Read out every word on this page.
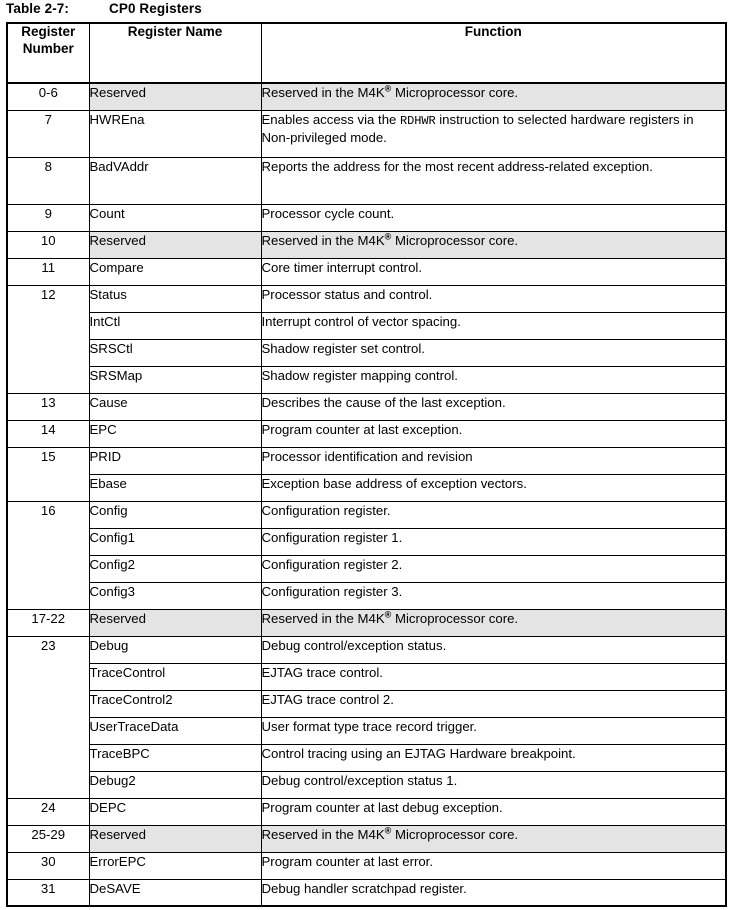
Table 2-7:	CP0 Registers
Register
Number	Register Name	Function
0-6	Reserved	Reserved in the M4K® Microprocessor core.
7	HWREna	Enables access via the RDHWR instruction to selected hardware registers in Non-privileged mode.
8	BadVAddr	Reports the address for the most recent address-related exception.
9	Count	Processor cycle count.
10	Reserved	Reserved in the M4K® Microprocessor core.
11	Compare	Core timer interrupt control.
12	Status	Processor status and control.
	IntCtl	Interrupt control of vector spacing.
	SRSCtl	Shadow register set control.
	SRSMap	Shadow register mapping control.
13	Cause	Describes the cause of the last exception.
14	EPC	Program counter at last exception.
15	PRID	Processor identification and revision
	Ebase	Exception base address of exception vectors.
16	Config	Configuration register.
	Config1	Configuration register 1.
	Config2	Configuration register 2.
	Config3	Configuration register 3.
17-22	Reserved	Reserved in the M4K® Microprocessor core.
23	Debug	Debug control/exception status.
	TraceControl	EJTAG trace control.
	TraceControl2	EJTAG trace control 2.
	UserTraceData	User format type trace record trigger.
	TraceBPC	Control tracing using an EJTAG Hardware breakpoint.
	Debug2	Debug control/exception status 1.
24	DEPC	Program counter at last debug exception.
25-29	Reserved	Reserved in the M4K® Microprocessor core.
30	ErrorEPC	Program counter at last error.
31	DeSAVE	Debug handler scratchpad register.
